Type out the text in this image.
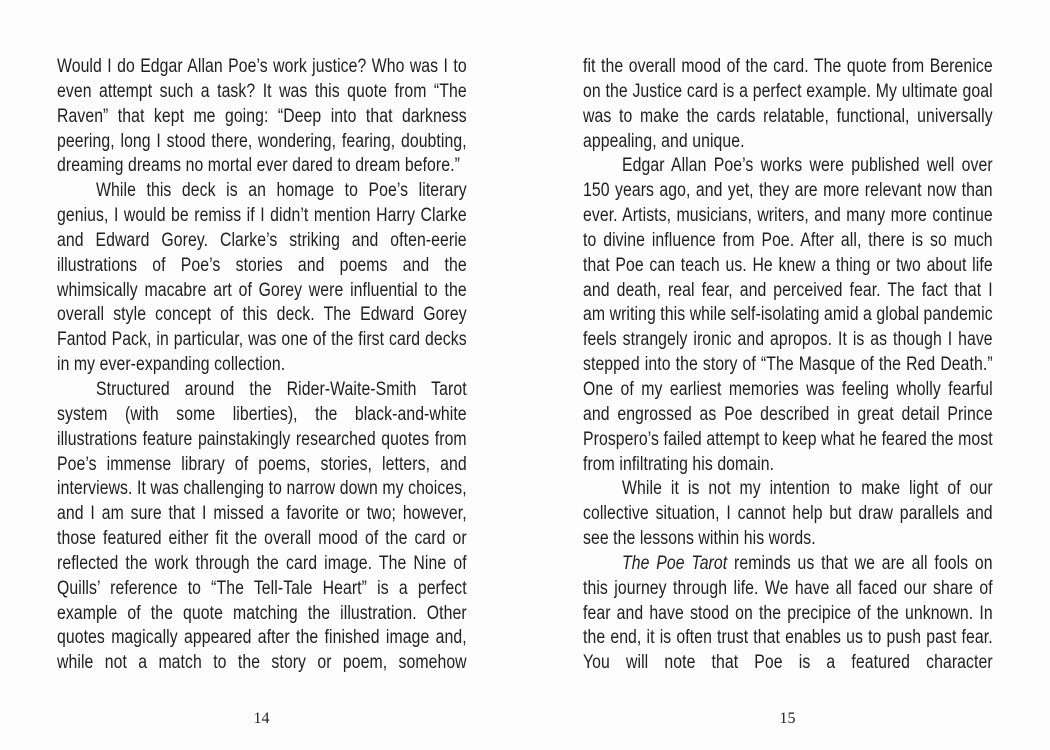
Would I do Edgar Allan Poe’s work justice? Who was I to even attempt such a task? It was this quote from “The Raven” that kept me going: “Deep into that darkness peering, long I stood there, wondering, fearing, doubting, dreaming dreams no mortal ever dared to dream before.”

While this deck is an homage to Poe’s literary genius, I would be remiss if I didn’t mention Harry Clarke and Edward Gorey. Clarke’s striking and often-eerie illustrations of Poe’s stories and poems and the whimsically macabre art of Gorey were influential to the overall style concept of this deck. The Edward Gorey Fantod Pack, in particular, was one of the first card decks in my ever-expanding collection.

Structured around the Rider-Waite-Smith Tarot system (with some liberties), the black-and-white illustrations feature painstakingly researched quotes from Poe’s immense library of poems, stories, letters, and interviews. It was challenging to narrow down my choices, and I am sure that I missed a favorite or two; however, those featured either fit the overall mood of the card or reflected the work through the card image. The Nine of Quills’ reference to “The Tell-Tale Heart” is a perfect example of the quote matching the illustration. Other quotes magically appeared after the finished image and, while not a match to the story or poem, somehow

14

fit the overall mood of the card. The quote from Berenice on the Justice card is a perfect example. My ultimate goal was to make the cards relatable, functional, universally appealing, and unique.

Edgar Allan Poe’s works were published well over 150 years ago, and yet, they are more relevant now than ever. Artists, musicians, writers, and many more continue to divine influence from Poe. After all, there is so much that Poe can teach us. He knew a thing or two about life and death, real fear, and perceived fear. The fact that I am writing this while self-isolating amid a global pandemic feels strangely ironic and apropos. It is as though I have stepped into the story of “The Masque of the Red Death.” One of my earliest memories was feeling wholly fearful and engrossed as Poe described in great detail Prince Prospero’s failed attempt to keep what he feared the most from infiltrating his domain.

While it is not my intention to make light of our collective situation, I cannot help but draw parallels and see the lessons within his words.

The Poe Tarot reminds us that we are all fools on this journey through life. We have all faced our share of fear and have stood on the precipice of the unknown. In the end, it is often trust that enables us to push past fear. You will note that Poe is a featured character

15
